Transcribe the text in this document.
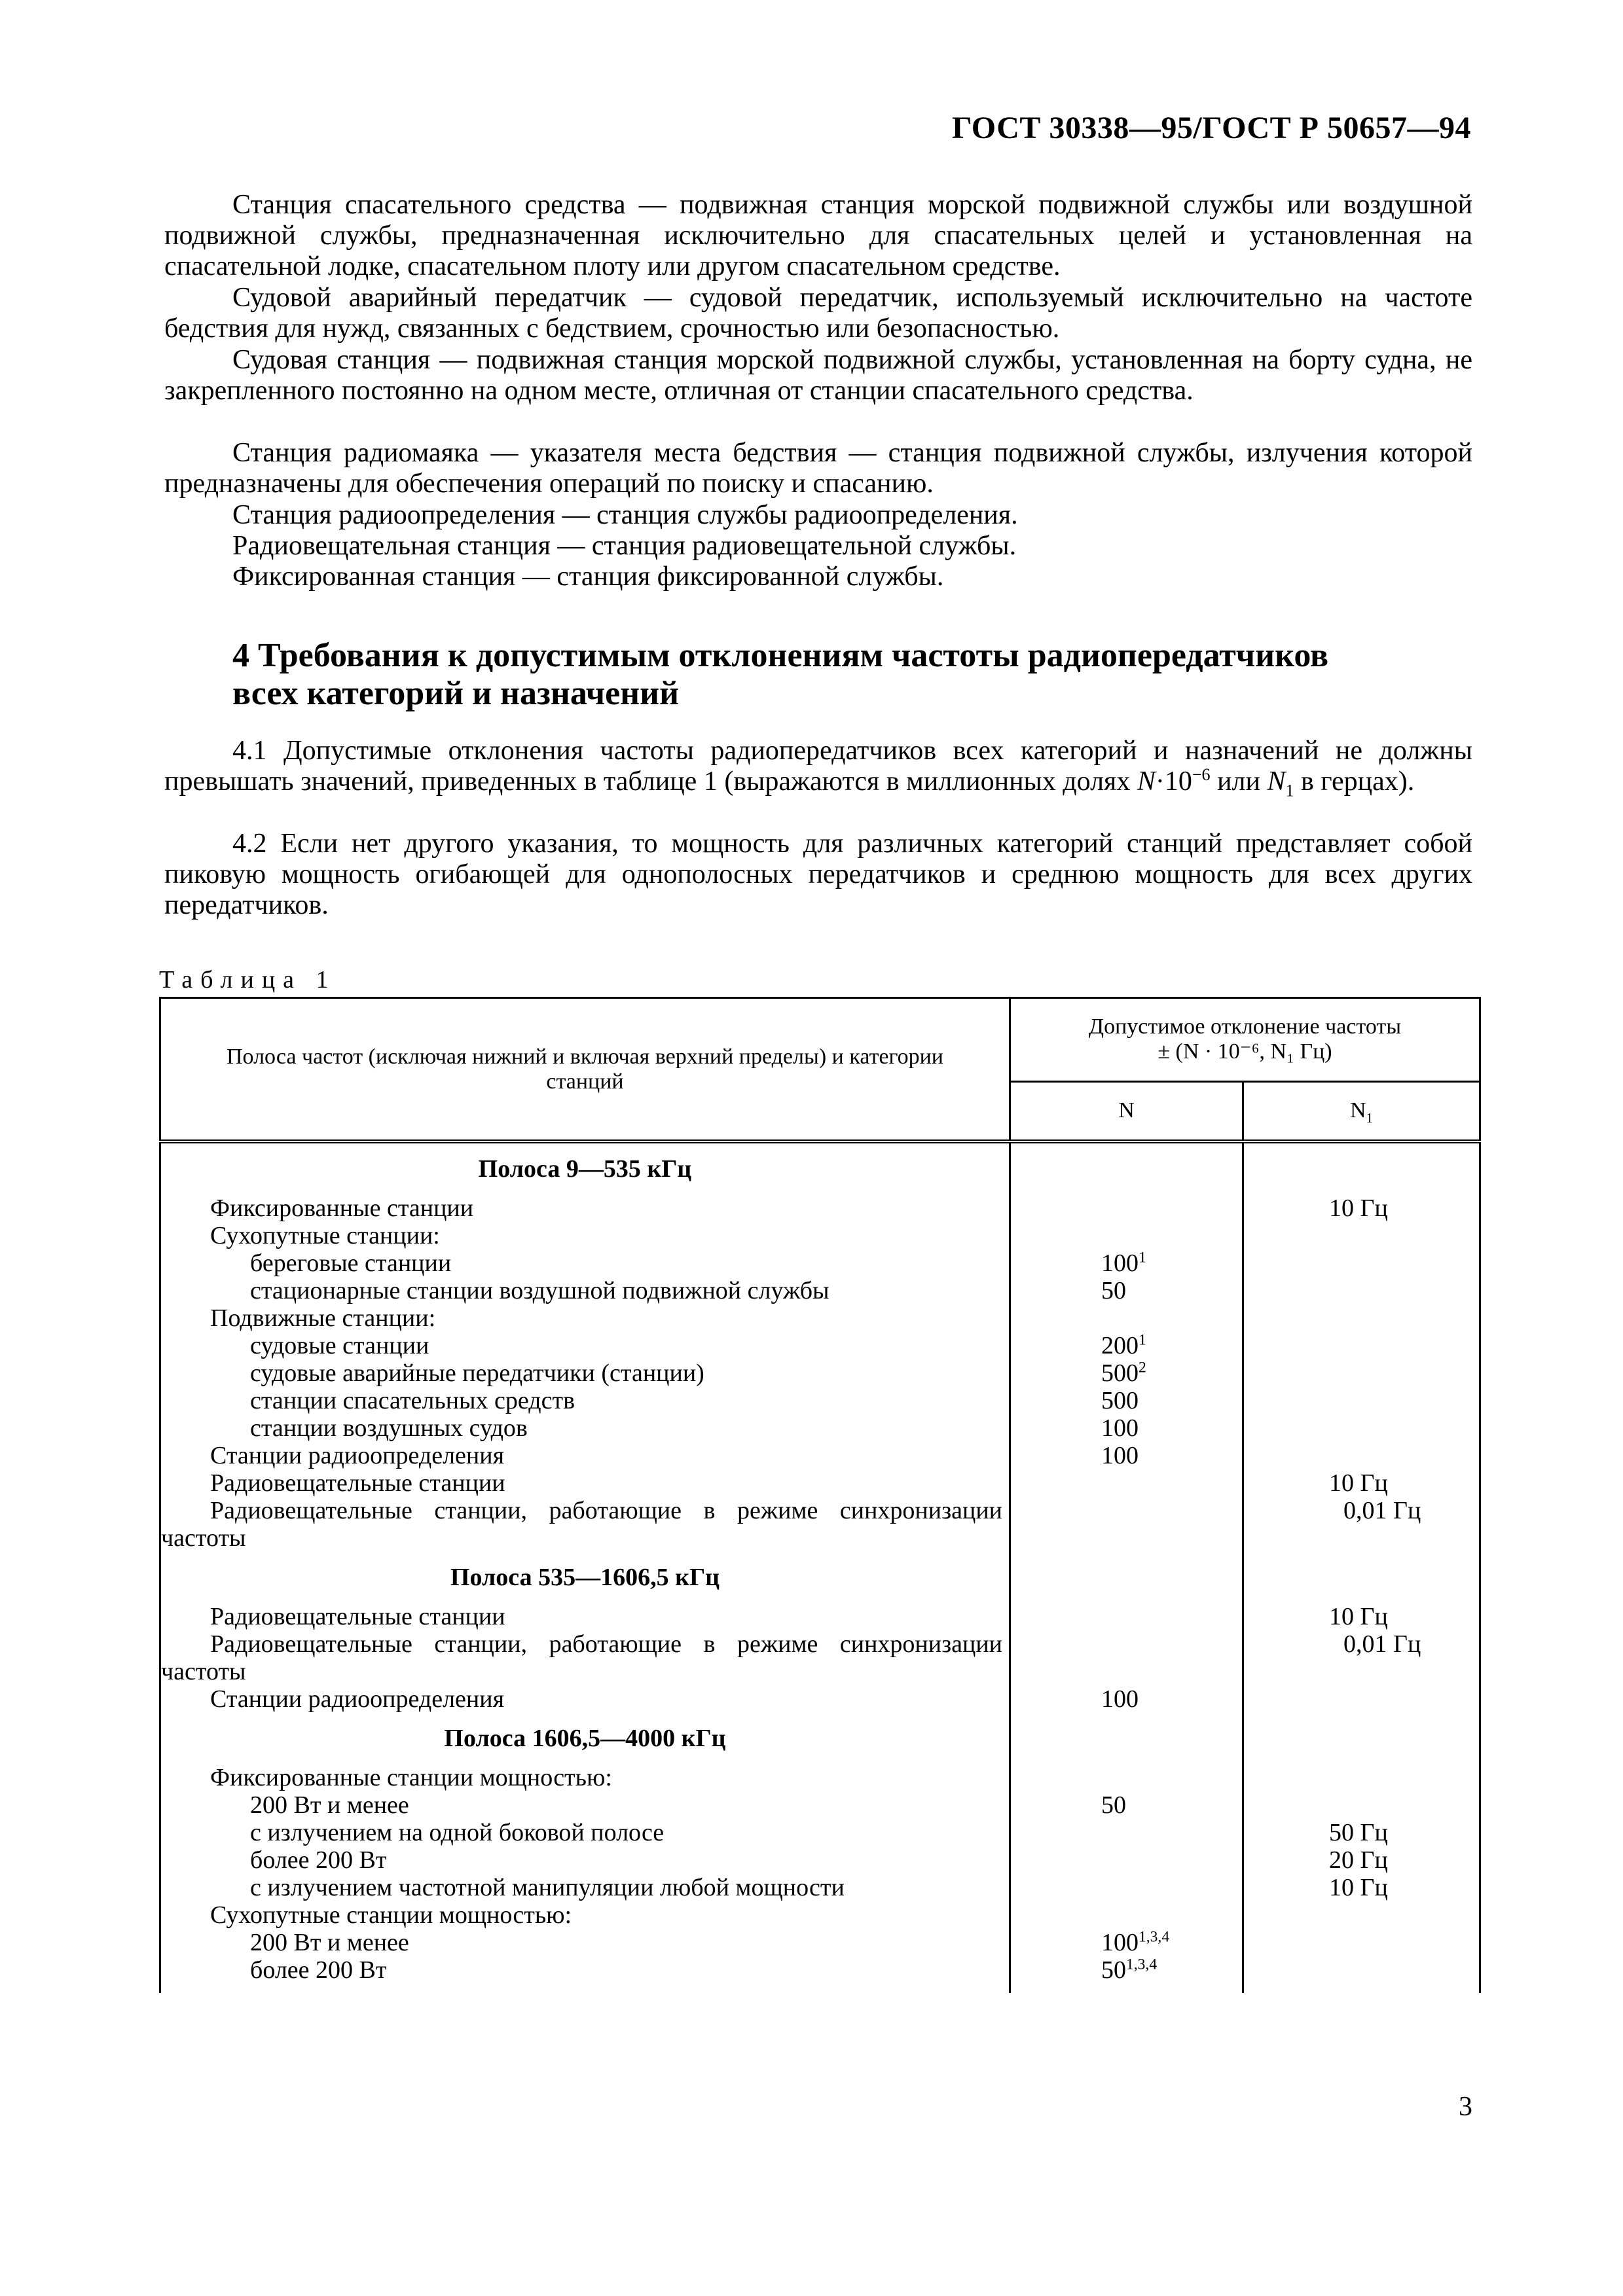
ГОСТ 30338—95/ГОСТ Р 50657—94

Станция спасательного средства — подвижная станция морской подвижной службы или воздушной подвижной службы, предназначенная исключительно для спасательных целей и установленная на спасательной лодке, спасательном плоту или другом спасательном средстве.

Судовой аварийный передатчик — судовой передатчик, используемый исключительно на частоте бедствия для нужд, связанных с бедствием, срочностью или безопасностью.

Судовая станция — подвижная станция морской подвижной службы, установленная на борту судна, не закрепленного постоянно на одном месте, отличная от станции спасательного средства.

Станция радиомаяка — указателя места бедствия — станция подвижной службы, излучения которой предназначены для обеспечения операций по поиску и спасанию.

Станция радиоопределения — станция службы радиоопределения.

Радиовещательная станция — станция радиовещательной службы.

Фиксированная станция — станция фиксированной службы.

4 Требования к допустимым отклонениям частоты радиопередатчиков всех категорий и назначений

4.1 Допустимые отклонения частоты радиопередатчиков всех категорий и назначений не должны превышать значений, приведенных в таблице 1 (выражаются в миллионных долях $N\cdot 10^{-6}$ или $N_1$ в герцах).

4.2 Если нет другого указания, то мощность для различных категорий станций представляет собой пиковую мощность огибающей для однополосных передатчиков и среднюю мощность для всех других передатчиков.

Таблица 1
Полоса частот (исключая нижний и включая верхний пределы) и категории станций	Допустимое отклонение частоты
± (N · 10⁻⁶, N₁ Гц)	

	N	$N_1$

Полоса 9—535 кГц		

Фиксированные станции		10 Гц

Сухопутные станции:		

береговые станции	$100^1$	

стационарные станции воздушной подвижной службы	50	

Подвижные станции:		

судовые станции	$200^1$	

судовые аварийные передатчики (станции)	$500^2$	

станции спасательных средств	500	

станции воздушных судов	100	

Станции радиоопределения	100	

Радиовещательные станции		10 Гц

Радиовещательные станции, работающие в режиме синхронизации частоты		0,01 Гц

Полоса 535—1606,5 кГц		

Радиовещательные станции		10 Гц

Радиовещательные станции, работающие в режиме синхронизации частоты		0,01 Гц

Станции радиоопределения	100	

Полоса 1606,5—4000 кГц		

Фиксированные станции мощностью:		

200 Вт и менее	50	

с излучением на одной боковой полосе		50 Гц

более 200 Вт		20 Гц

с излучением частотной манипуляции любой мощности		10 Гц

Сухопутные станции мощностью:		

200 Вт и менее	100$^{1,3,4}$	

более 200 Вт	50$^{1,3,4}$	

3
